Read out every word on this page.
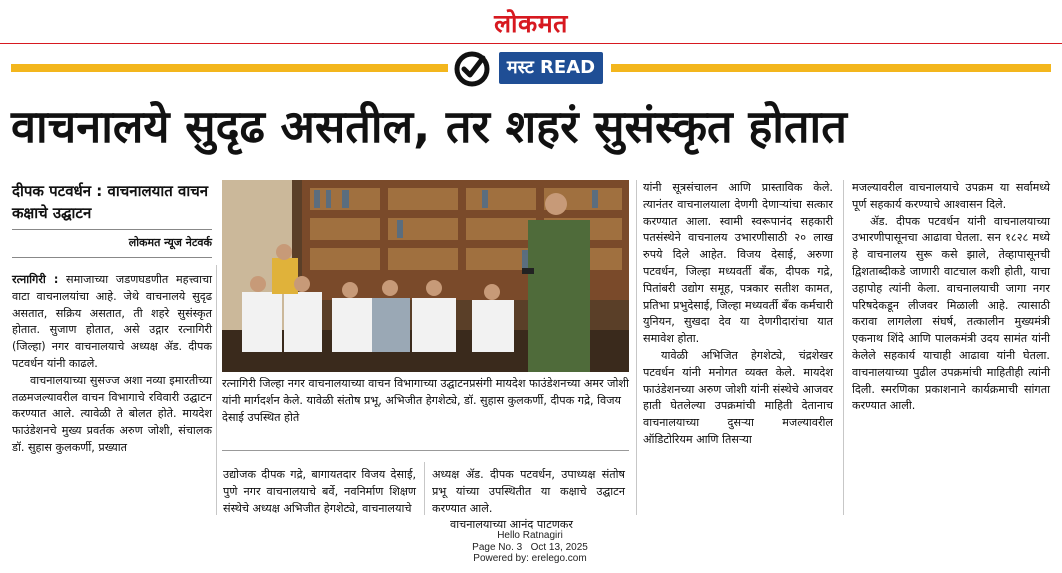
लोकमत
मस्ट READ
वाचनालये सुदृढ असतील, तर शहरं सुसंस्कृत होतात
दीपक पटवर्धन : वाचनालयात वाचन कक्षाचे उद्घाटन
लोकमत न्यूज नेटवर्क

रत्नागिरी : समाजाच्या जडणघडणीत महत्त्वाचा वाटा वाचनालयांचा आहे. जेथे वाचनालये सुदृढ असतात, सक्रिय असतात, ती शहरे सुसंस्कृत होतात. सुजाण होतात, असे उद्गार रत्नागिरी (जिल्हा) नगर वाचनालयाचे अध्यक्ष ॲड. दीपक पटवर्धन यांनी काढले.

वाचनालयाच्या सुसज्ज अशा नव्या इमारतीच्या तळमजल्यावरील वाचन विभागाचे रविवारी उद्घाटन करण्यात आले. त्यावेळी ते बोलत होते. मायदेश फाउंडेशनचे मुख्य प्रवर्तक अरुण जोशी, संचालक डॉ. सुहास कुलकर्णी, प्रख्यात

रत्नागिरी जिल्हा नगर वाचनालयाच्या वाचन विभागाच्या उद्घाटनप्रसंगी मायदेश फाउंडेशनच्या अमर जोशी यांनी मार्गदर्शन केले. यावेळी संतोष प्रभू, अभिजीत हेगशेट्ये, डॉ. सुहास कुलकर्णी, दीपक गद्रे, विजय देसाई उपस्थित होते

उद्योजक दीपक गद्रे, बागायतदार विजय देसाई, पुणे नगर वाचनालयाचे बर्वे, नवनिर्माण शिक्षण संस्थेचे अध्यक्ष अभिजीत हेगशेट्ये, वाचनालयाचे

अध्यक्ष ॲड. दीपक पटवर्धन, उपाध्यक्ष संतोष प्रभू यांच्या उपस्थितीत या कक्षाचे उद्घाटन करण्यात आले.

वाचनालयाच्या आनंद पाटणकर

यांनी सूत्रसंचालन आणि प्रास्ताविक केले. त्यानंतर वाचनालयाला देणगी देणाऱ्यांचा सत्कार करण्यात आला. स्वामी स्वरूपानंद सहकारी पतसंस्थेने वाचनालय उभारणीसाठी २० लाख रुपये दिले आहेत. विजय देसाई, अरुणा पटवर्धन, जिल्हा मध्यवर्ती बँक, दीपक गद्रे, पितांबरी उद्योग समूह, पत्रकार सतीश कामत, प्रतिभा प्रभुदेसाई, जिल्हा मध्यवर्ती बँक कर्मचारी युनियन, सुखदा देव या देणगीदारांचा यात समावेश होता.

यावेळी अभिजित हेगशेट्ये, चंद्रशेखर पटवर्धन यांनी मनोगत व्यक्त केले. मायदेश फाउंडेशनच्या अरुण जोशी यांनी संस्थेचे आजवर हाती घेतलेल्या उपक्रमांची माहिती देतानाच वाचनालयाच्या दुसऱ्या मजल्यावरील ऑडिटोरियम आणि तिसऱ्या

मजल्यावरील वाचनालयाचे उपक्रम या सर्वामध्ये पूर्ण सहकार्य करण्याचे आश्वासन दिले.

ॲड. दीपक पटवर्धन यांनी वाचनालयाच्या उभारणीपासूनचा आढावा घेतला. सन १८२८ मध्ये हे वाचनालय सुरू कसे झाले, तेव्हापासूनची द्विशताब्दीकडे जाणारी वाटचाल कशी होती, याचा उहापोह त्यांनी केला. वाचनालयाची जागा नगर परिषदेकडून लीजवर मिळाली आहे. त्यासाठी करावा लागलेला संघर्ष, तत्कालीन मुख्यमंत्री एकनाथ शिंदे आणि पालकमंत्री उदय सामंत यांनी केलेले सहकार्य याचाही आढावा यांनी घेतला. वाचनालयाच्या पुढील उपक्रमांची माहितीही त्यांनी दिली. स्मरणिका प्रकाशनाने कार्यक्रमाची सांगता करण्यात आली.

Hello Ratnagiri
Page No. 3 Oct 13, 2025
Powered by: erelego.com
